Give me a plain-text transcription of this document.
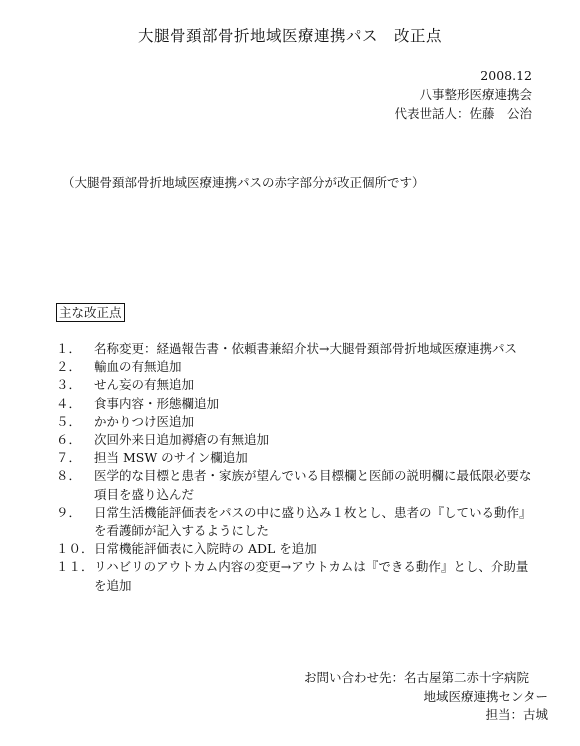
大腿骨頚部骨折地域医療連携パス　改正点
2008.12
八事整形医療連携会
代表世話人：佐藤　公治
（大腿骨頚部骨折地域医療連携パスの赤字部分が改正個所です）
主な改正点
１．	名称変更：経過報告書・依頼書兼紹介状→大腿骨頚部骨折地域医療連携パス
２．	輸血の有無追加
３．	せん妄の有無追加
４．	食事内容・形態欄追加
５．	かかりつけ医追加
６．	次回外来日追加褥瘡の有無追加
７．	担当 MSW のサイン欄追加
８．	医学的な目標と患者・家族が望んでいる目標欄と医師の説明欄に最低限必要な
項目を盛り込んだ
９．	日常生活機能評価表をパスの中に盛り込み１枚とし、患者の『している動作』
を看護師が記入するようにした
１０． 日常機能評価表に入院時の ADL を追加
１１． リハビリのアウトカム内容の変更→アウトカムは『できる動作』とし、介助量
を追加
お問い合わせ先：名古屋第二赤十字病院
地域医療連携センター
担当：古城
